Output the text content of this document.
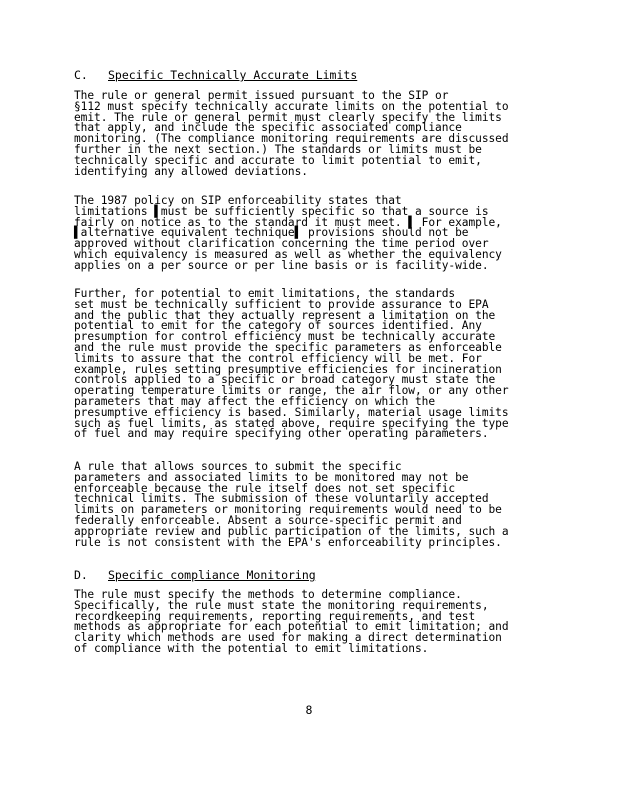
C. Specific Technically Accurate Limits
The rule or general permit issued pursuant to the SIP or
§112 must specify technically accurate limits on the potential to
emit. The rule or general permit must clearly specify the limits
that apply, and include the specific associated compliance
monitoring. (The compliance monitoring requirements are discussed
further in the next section.) The standards or limits must be
technically specific and accurate to limit potential to emit,
identifying any allowed deviations.
The 1987 policy on SIP enforceability states that
limitations ▌must be sufficiently specific so that a source is
fairly on notice as to the standard it must meet. ▌ For example,
▌alternative equivalent technique▌ provisions should not be
approved without clarification concerning the time period over
which equivalency is measured as well as whether the equivalency
applies on a per source or per line basis or is facility-wide.
Further, for potential to emit limitations, the standards
set must be technically sufficient to provide assurance to EPA
and the public that they actually represent a limitation on the
potential to emit for the category of sources identified. Any
presumption for control efficiency must be technically accurate
and the rule must provide the specific parameters as enforceable
limits to assure that the control efficiency will be met. For
example, rules setting presumptive efficiencies for incineration
controls applied to a specific or broad category must state the
operating temperature limits or range, the air flow, or any other
parameters that may affect the efficiency on which the
presumptive efficiency is based. Similarly, material usage limits
such as fuel limits, as stated above, require specifying the type
of fuel and may require specifying other operating parameters.
A rule that allows sources to submit the specific
parameters and associated limits to be monitored may not be
enforceable because the rule itself does not set specific
technical limits. The submission of these voluntarily accepted
limits on parameters or monitoring requirements would need to be
federally enforceable. Absent a source-specific permit and
appropriate review and public participation of the limits, such a
rule is not consistent with the EPA's enforceability principles.
D. Specific compliance Monitoring
The rule must specify the methods to determine compliance.
Specifically, the rule must state the monitoring requirements,
recordkeeping requirements, reporting requirements, and test
methods as appropriate for each potential to emit limitation; and
clarity which methods are used for making a direct determination
of compliance with the potential to emit limitations.
8
